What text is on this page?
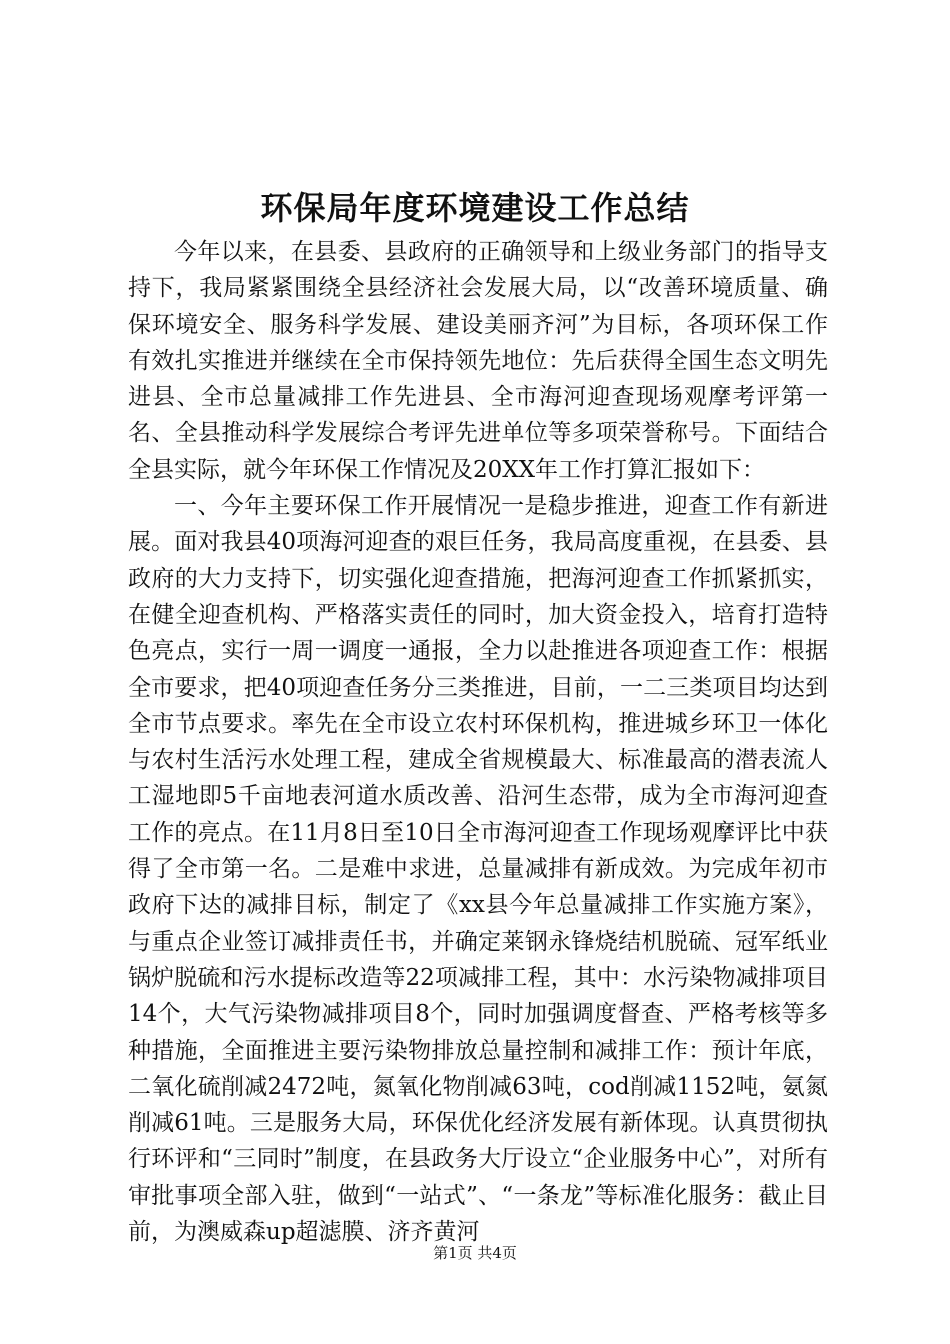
环保局年度环境建设工作总结

今年以来，在县委、县政府的正确领导和上级业务部门的指导支持下，我局紧紧围绕全县经济社会发展大局，以“改善环境质量、确保环境安全、服务科学发展、建设美丽齐河”为目标，各项环保工作有效扎实推进并继续在全市保持领先地位：先后获得全国生态文明先进县、全市总量减排工作先进县、全市海河迎查现场观摩考评第一名、全县推动科学发展综合考评先进单位等多项荣誉称号。下面结合全县实际，就今年环保工作情况及20XX年工作打算汇报如下：

一、今年主要环保工作开展情况一是稳步推进，迎查工作有新进展。面对我县40项海河迎查的艰巨任务，我局高度重视，在县委、县政府的大力支持下，切实强化迎查措施，把海河迎查工作抓紧抓实，在健全迎查机构、严格落实责任的同时，加大资金投入，培育打造特色亮点，实行一周一调度一通报，全力以赴推进各项迎查工作：根据全市要求，把40项迎查任务分三类推进，目前，一二三类项目均达到全市节点要求。率先在全市设立农村环保机构，推进城乡环卫一体化与农村生活污水处理工程，建成全省规模最大、标准最高的潜表流人工湿地即5千亩地表河道水质改善、沿河生态带，成为全市海河迎查工作的亮点。在11月8日至10日全市海河迎查工作现场观摩评比中获得了全市第一名。二是难中求进，总量减排有新成效。为完成年初市政府下达的减排目标，制定了《xx县今年总量减排工作实施方案》，与重点企业签订减排责任书，并确定莱钢永锋烧结机脱硫、冠军纸业锅炉脱硫和污水提标改造等22项减排工程，其中：水污染物减排项目14个，大气污染物减排项目8个，同时加强调度督查、严格考核等多种措施，全面推进主要污染物排放总量控制和减排工作：预计年底，二氧化硫削减2472吨，氮氧化物削减63吨，cod削减1152吨，氨氮削减61吨。三是服务大局，环保优化经济发展有新体现。认真贯彻执行环评和“三同时”制度，在县政务大厅设立“企业服务中心”，对所有审批事项全部入驻，做到“一站式”、“一条龙”等标准化服务：截止目前，为澳威森up超滤膜、济齐黄河

第1页 共4页
